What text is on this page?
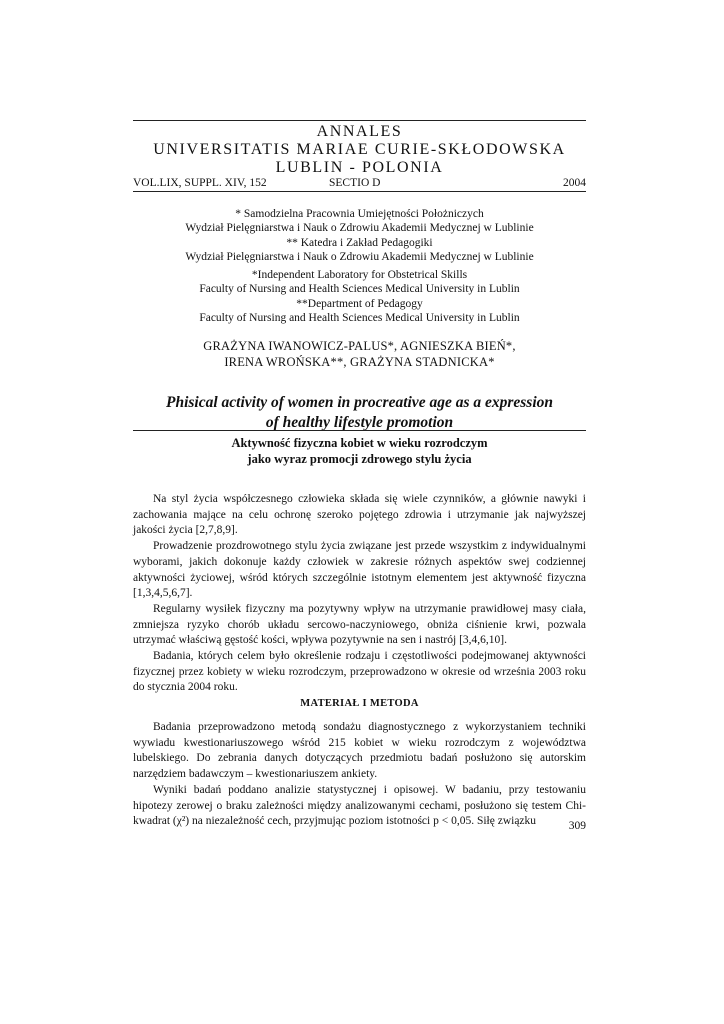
ANNALES
UNIVERSITATIS MARIAE CURIE-SKŁODOWSKA
LUBLIN - POLONIA
VOL.LIX, SUPPL. XIV, 152	SECTIO D	2004
* Samodzielna Pracownia Umiejętności Położniczych
Wydział Pielęgniarstwa i Nauk o Zdrowiu Akademii Medycznej w Lublinie
** Katedra i Zakład Pedagogiki
Wydział Pielęgniarstwa i Nauk o Zdrowiu Akademii Medycznej w Lublinie
*Independent Laboratory for Obstetrical Skills
Faculty of Nursing and Health Sciences Medical University in Lublin
**Department of Pedagogy
Faculty of Nursing and Health Sciences Medical University in Lublin
GRAŻYNA IWANOWICZ-PALUS*, AGNIESZKA BIEŃ*,
IRENA WROŃSKA**, GRAŻYNA STADNICKA*
Phisical activity of women in procreative age as a expression
of healthy lifestyle promotion
Aktywność fizyczna kobiet w wieku rozrodczym
jako wyraz promocji zdrowego stylu życia

Na styl życia współczesnego człowieka składa się wiele czynników, a głównie nawyki i zachowania mające na celu ochronę szeroko pojętego zdrowia i utrzymanie jak najwyższej jakości życia [2,7,8,9].

Prowadzenie prozdrowotnego stylu życia związane jest przede wszystkim z indywidualnymi wyborami, jakich dokonuje każdy człowiek w zakresie różnych aspektów swej codziennej aktywności życiowej, wśród których szczególnie istotnym elementem jest aktywność fizyczna [1,3,4,5,6,7].

Regularny wysiłek fizyczny ma pozytywny wpływ na utrzymanie prawidłowej masy ciała, zmniejsza ryzyko chorób układu sercowo-naczyniowego, obniża ciśnienie krwi, pozwala utrzymać właściwą gęstość kości, wpływa pozytywnie na sen i nastrój [3,4,6,10].

Badania, których celem było określenie rodzaju i częstotliwości podejmowanej aktywności fizycznej przez kobiety w wieku rozrodczym, przeprowadzono w okresie od września 2003 roku do stycznia 2004 roku.

MATERIAŁ I METODA

Badania przeprowadzono metodą sondażu diagnostycznego z wykorzystaniem techniki wywiadu kwestionariuszowego wśród 215 kobiet w wieku rozrodczym z województwa lubelskiego. Do zebrania danych dotyczących przedmiotu badań posłużono się autorskim narzędziem badawczym – kwestionariuszem ankiety.

Wyniki badań poddano analizie statystycznej i opisowej. W badaniu, przy testowaniu hipotezy zerowej o braku zależności między analizowanymi cechami, posłużono się testem Chi-kwadrat (χ²) na niezależność cech, przyjmując poziom istotności p < 0,05. Siłę związku	309
